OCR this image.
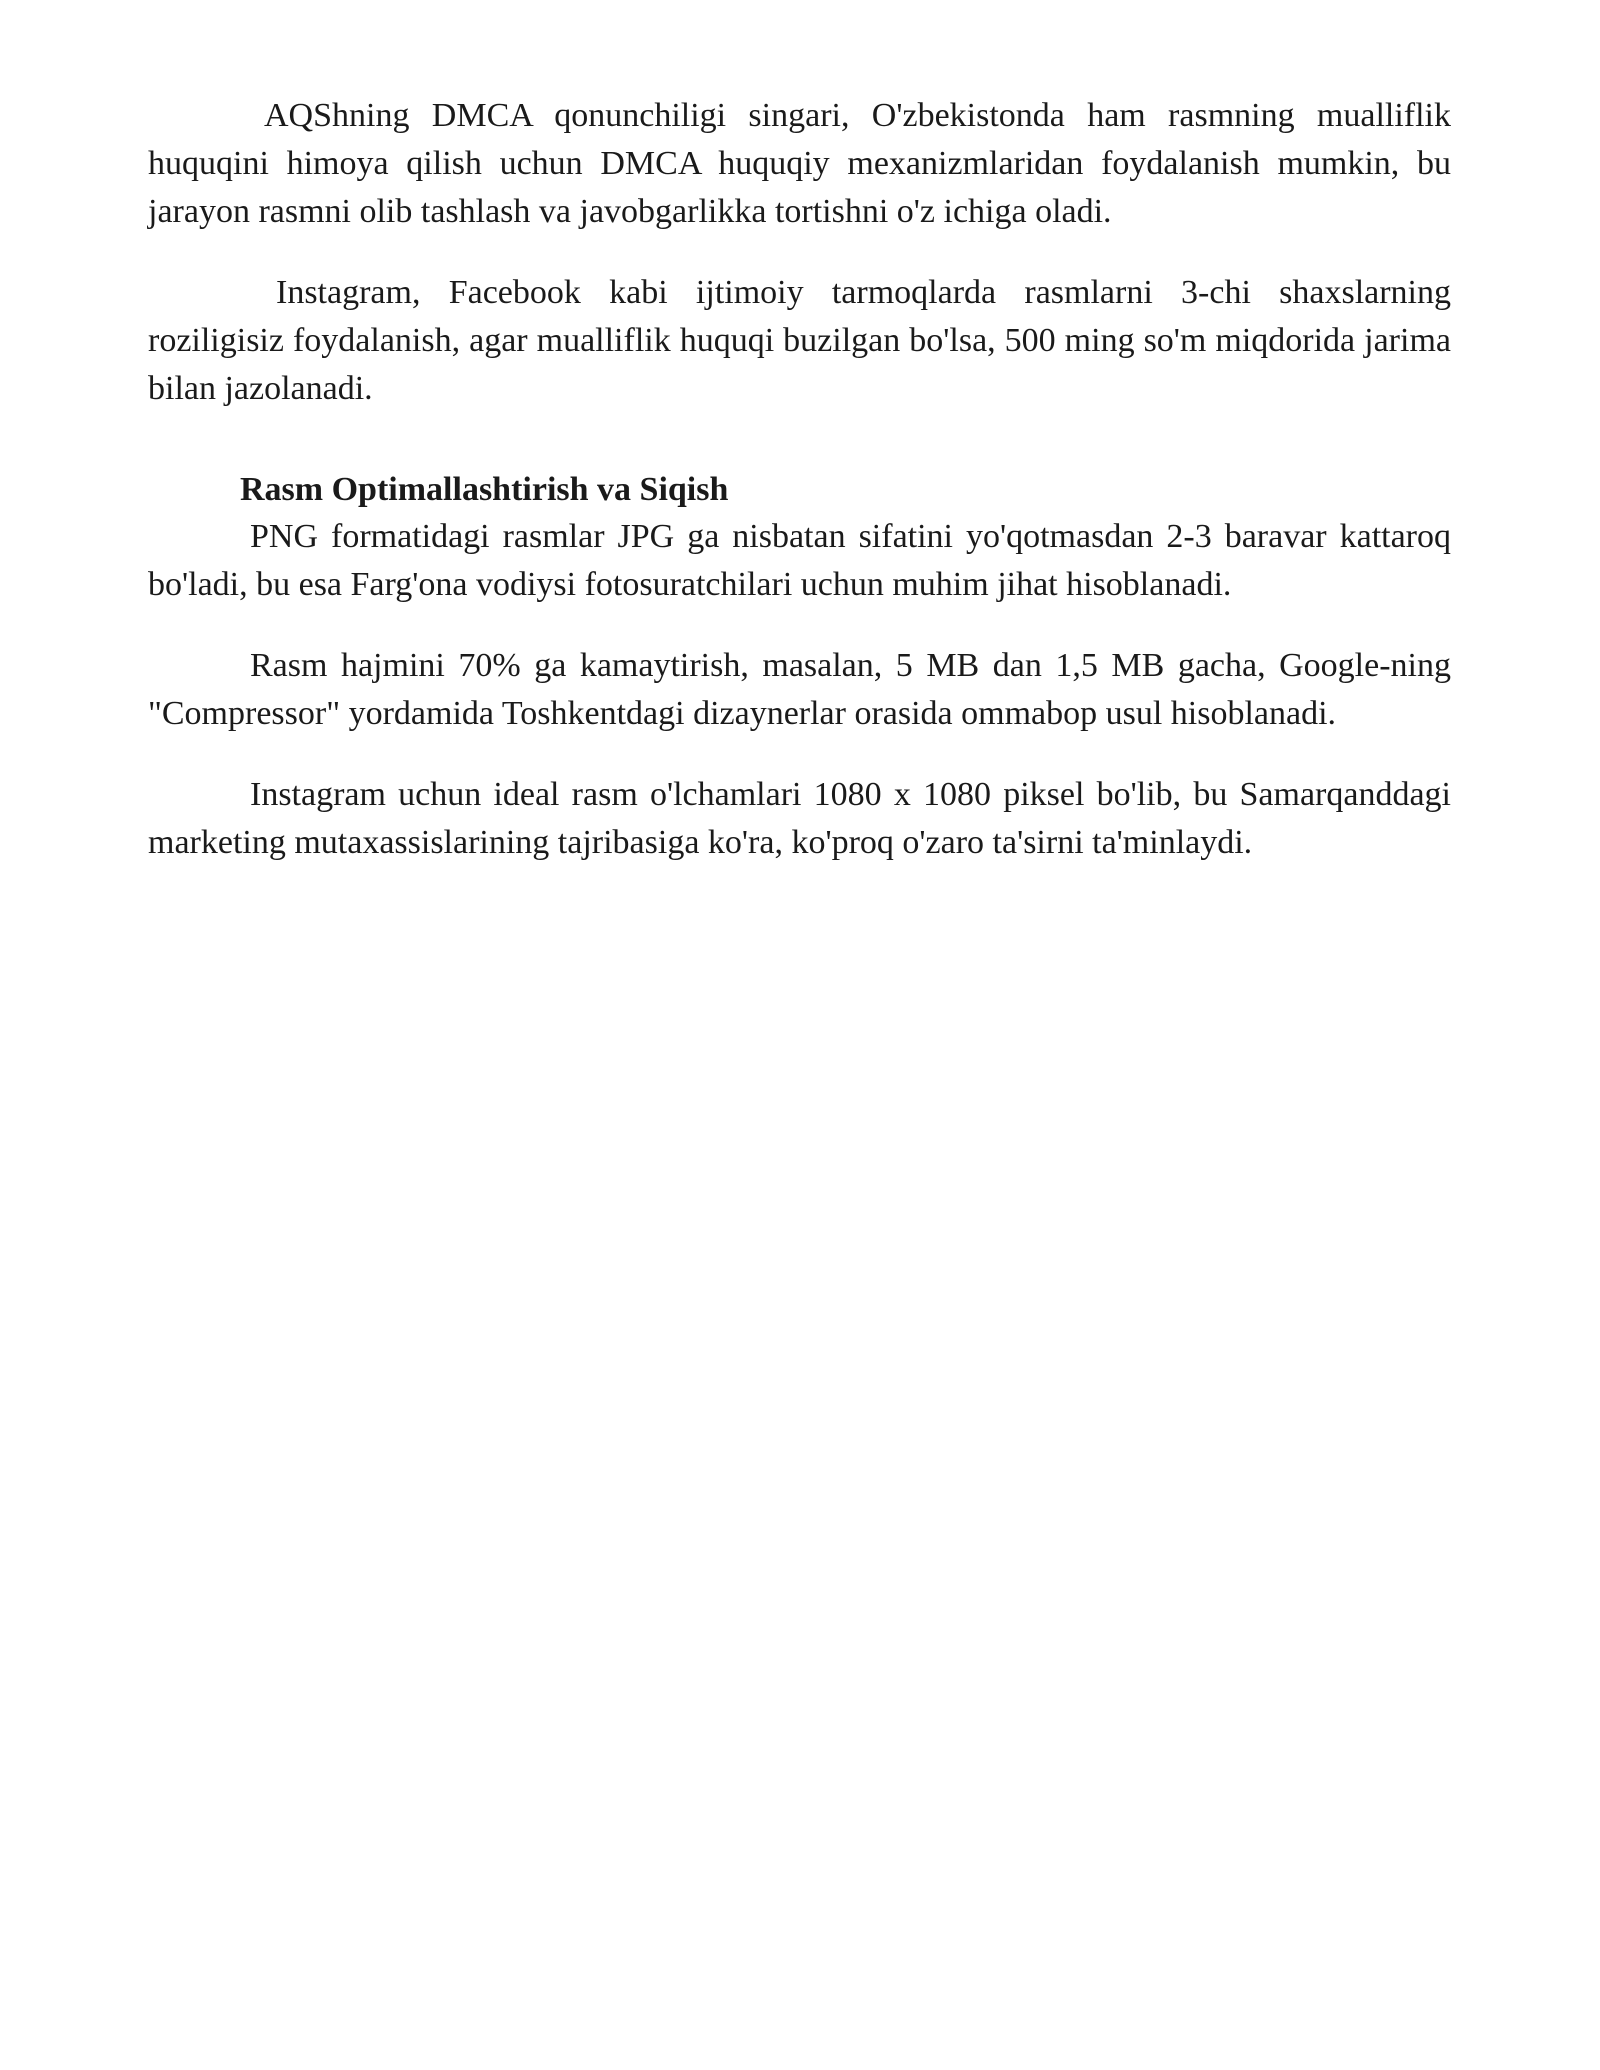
AQShning DMCA qonunchiligi singari, O'zbekistonda ham rasmning mualliflik huquqini himoya qilish uchun DMCA huquqiy mexanizmlaridan foydalanish mumkin, bu jarayon rasmni olib tashlash va javobgarlikka tortishni o'z ichiga oladi.

Instagram, Facebook kabi ijtimoiy tarmoqlarda rasmlarni 3-chi shaxslarning roziligisiz foydalanish, agar mualliflik huquqi buzilgan bo'lsa, 500 ming so'm miqdorida jarima bilan jazolanadi.

Rasm Optimallashtirish va Siqish

PNG formatidagi rasmlar JPG ga nisbatan sifatini yo'qotmasdan 2-3 baravar kattaroq bo'ladi, bu esa Farg'ona vodiysi fotosuratchilari uchun muhim jihat hisoblanadi.

Rasm hajmini 70% ga kamaytirish, masalan, 5 MB dan 1,5 MB gacha, Google-ning "Compressor" yordamida Toshkentdagi dizaynerlar orasida ommabop usul hisoblanadi.

Instagram uchun ideal rasm o'lchamlari 1080 x 1080 piksel bo'lib, bu Samarqanddagi marketing mutaxassislarining tajribasiga ko'ra, ko'proq o'zaro ta'sirni ta'minlaydi.
